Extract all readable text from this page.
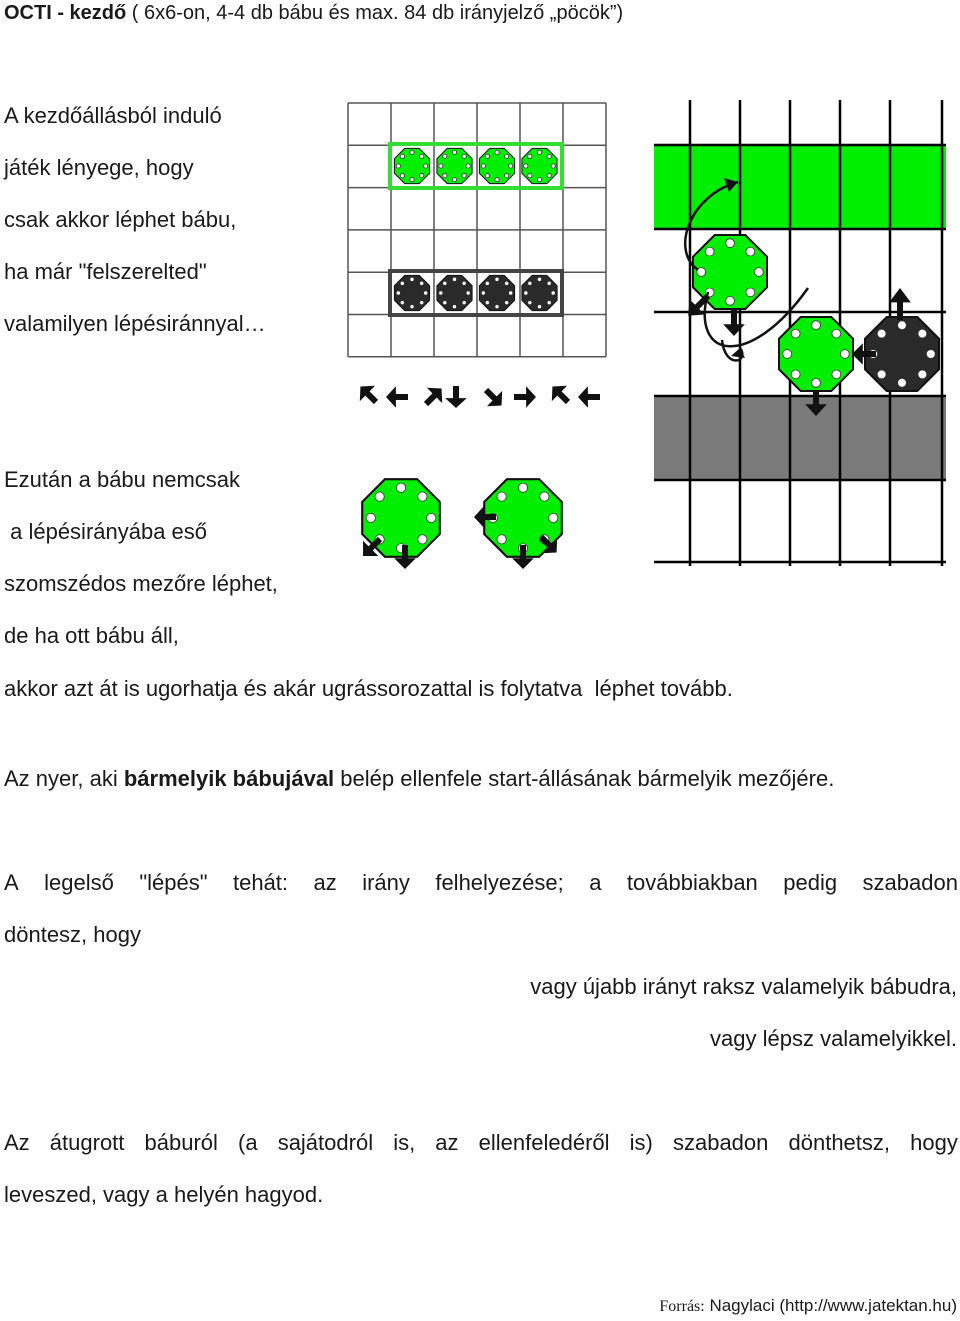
OCTI - kezdő ( 6x6-on, 4-4 db bábu és max. 84 db irányjelző „pöcök”)
A kezdőállásból induló
játék lényege, hogy
csak akkor léphet bábu,
ha már "felszerelted"
valamilyen lépésiránnyal…
Ezután a bábu nemcsak
a lépésirányába eső
szomszédos mezőre léphet,
de ha ott bábu áll,
akkor azt át is ugorhatja és akár ugrássorozattal is folytatva  léphet tovább.
Az nyer, aki bármelyik bábujával belép ellenfele start-állásának bármelyik mezőjére.
A legelső "lépés" tehát: az irány felhelyezése; a továbbiakban pedig szabadon
döntesz, hogy
vagy újabb irányt raksz valamelyik bábudra,
vagy lépsz valamelyikkel.
Az átugrott báburól (a sajátodról is, az ellenfeledéről is) szabadon dönthetsz, hogy
leveszed, vagy a helyén hagyod.
Forrás: Nagylaci (http://www.jatektan.hu)
